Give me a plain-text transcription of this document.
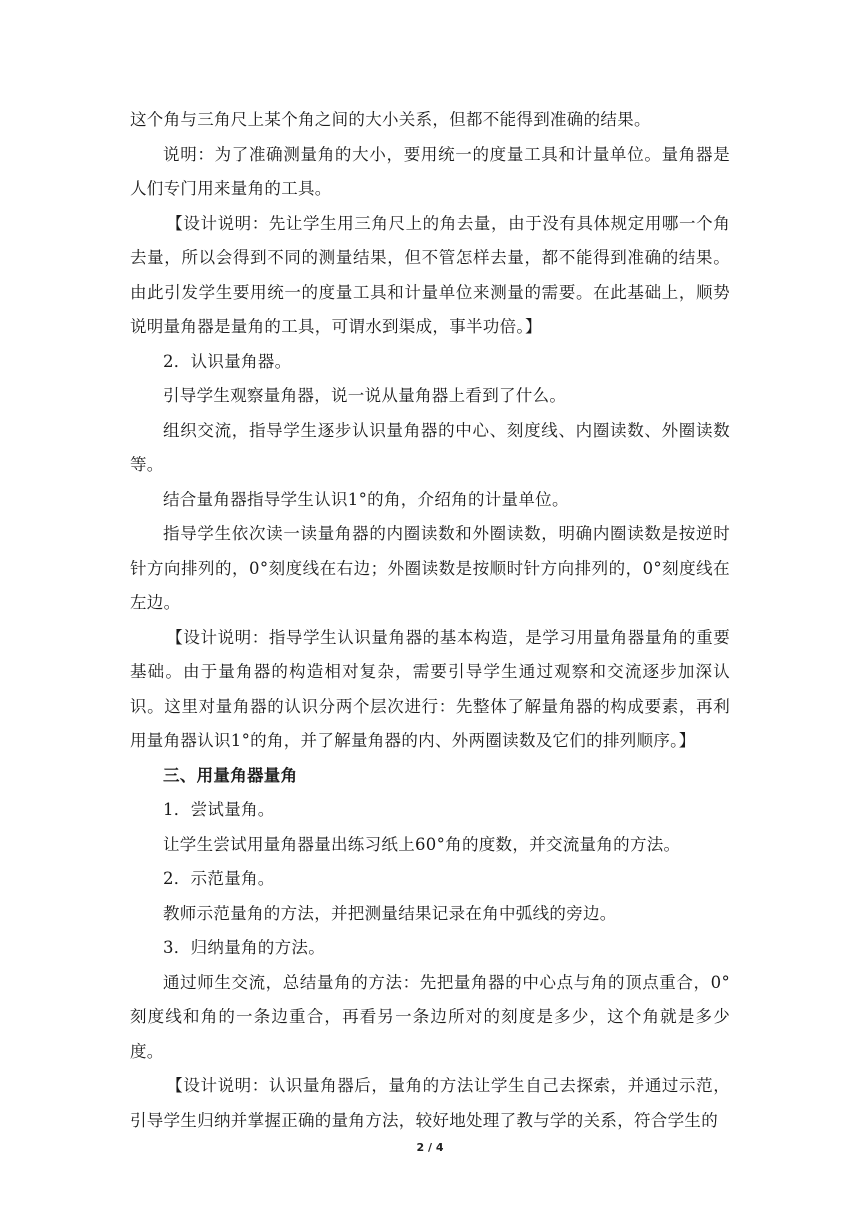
这个角与三角尺上某个角之间的大小关系，但都不能得到准确的结果。

说明：为了准确测量角的大小，要用统一的度量工具和计量单位。量角器是人们专门用来量角的工具。

【设计说明：先让学生用三角尺上的角去量，由于没有具体规定用哪一个角去量，所以会得到不同的测量结果，但不管怎样去量，都不能得到准确的结果。由此引发学生要用统一的度量工具和计量单位来测量的需要。在此基础上，顺势说明量角器是量角的工具，可谓水到渠成，事半功倍。】

2．认识量角器。

引导学生观察量角器，说一说从量角器上看到了什么。

组织交流，指导学生逐步认识量角器的中心、刻度线、内圈读数、外圈读数等。

结合量角器指导学生认识1°的角，介绍角的计量单位。

指导学生依次读一读量角器的内圈读数和外圈读数，明确内圈读数是按逆时针方向排列的，0°刻度线在右边；外圈读数是按顺时针方向排列的，0°刻度线在左边。

【设计说明：指导学生认识量角器的基本构造，是学习用量角器量角的重要基础。由于量角器的构造相对复杂，需要引导学生通过观察和交流逐步加深认识。这里对量角器的认识分两个层次进行：先整体了解量角器的构成要素，再利用量角器认识1°的角，并了解量角器的内、外两圈读数及它们的排列顺序。】

三、用量角器量角

1．尝试量角。

让学生尝试用量角器量出练习纸上60°角的度数，并交流量角的方法。

2．示范量角。

教师示范量角的方法，并把测量结果记录在角中弧线的旁边。

3．归纳量角的方法。

通过师生交流，总结量角的方法：先把量角器的中心点与角的顶点重合，0°刻度线和角的一条边重合，再看另一条边所对的刻度是多少，这个角就是多少度。

【设计说明：认识量角器后，量角的方法让学生自己去探索，并通过示范，引导学生归纳并掌握正确的量角方法，较好地处理了教与学的关系，符合学生的

2 / 4
